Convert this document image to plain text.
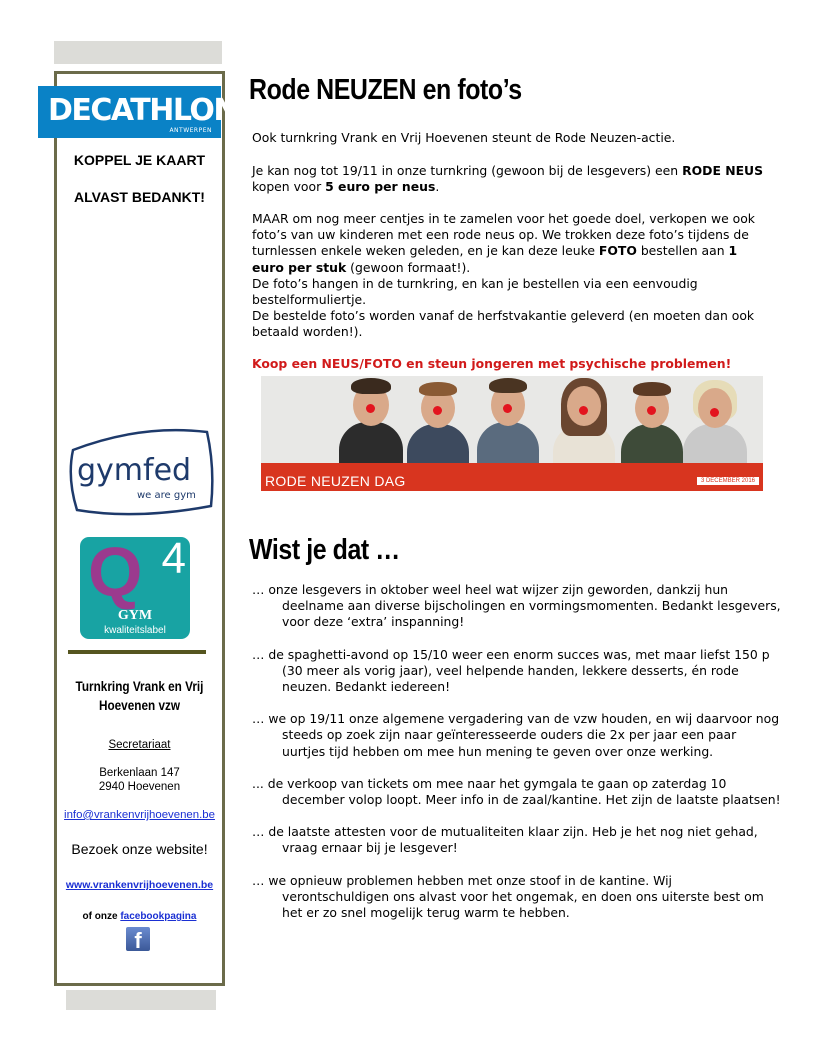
DECATHLON
ANTWERPEN
KOPPEL JE KAART
ALVAST BEDANKT!
gymfed
we are gym
Q 4
GYM
kwaliteitslabel
Turnkring Vrank en Vrij Hoevenen vzw
Secretariaat
Berkenlaan 147
2940 Hoevenen
info@vrankenvrijhoevenen.be
Bezoek onze website!
www.vrankenvrijhoevenen.be
of onze facebookpagina
f
Rode NEUZEN en foto’s

Ook turnkring Vrank en Vrij Hoevenen steunt de Rode Neuzen-actie.

Je kan nog tot 19/11 in onze turnkring (gewoon bij de lesgevers) een RODE NEUS kopen voor 5 euro per neus.

MAAR om nog meer centjes in te zamelen voor het goede doel, verkopen we ook foto’s van uw kinderen met een rode neus op. We trokken deze foto’s tijdens de turnlessen enkele weken geleden, en je kan deze leuke FOTO bestellen aan 1 euro per stuk (gewoon formaat!).

De foto’s hangen in de turnkring, en kan je bestellen via een eenvoudig bestelformuliertje.

De bestelde foto’s worden vanaf de herfstvakantie geleverd (en moeten dan ook betaald worden!).

Koop een NEUS/FOTO en steun jongeren met psychische problemen!
RODE NEUZEN DAG	3 DECEMBER 2016
Wist je dat …

… onze lesgevers in oktober weel heel wat wijzer zijn geworden, dankzij hun deelname aan diverse bijscholingen en vormingsmomenten. Bedankt lesgevers, voor deze ‘extra’ inspanning!

… de spaghetti-avond op 15/10 weer een enorm succes was, met maar liefst 150 p (30 meer als vorig jaar), veel helpende handen, lekkere desserts, én rode neuzen. Bedankt iedereen!

… we op 19/11 onze algemene vergadering van de vzw houden, en wij daarvoor nog steeds op zoek zijn naar geïnteresseerde ouders die 2x per jaar een paar uurtjes tijd hebben om mee hun mening te geven over onze werking.

... de verkoop van tickets om mee naar het gymgala te gaan op zaterdag 10 december volop loopt. Meer info in de zaal/kantine. Het zijn de laatste plaatsen!

… de laatste attesten voor de mutualiteiten klaar zijn. Heb je het nog niet gehad, vraag ernaar bij je lesgever!

… we opnieuw problemen hebben met onze stoof in de kantine. Wij verontschuldigen ons alvast voor het ongemak, en doen ons uiterste best om het er zo snel mogelijk terug warm te hebben.
